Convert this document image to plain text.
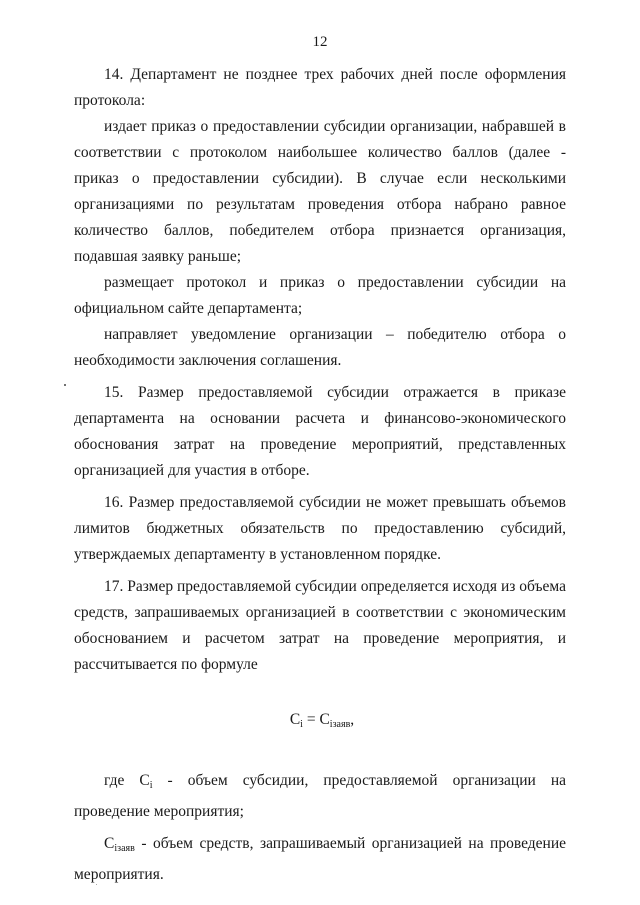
12

14. Департамент не позднее трех рабочих дней после оформления протокола:

издает приказ о предоставлении субсидии организации, набравшей в соответствии с протоколом наибольшее количество баллов (далее - приказ о предоставлении субсидии). В случае если несколькими организациями по результатам проведения отбора набрано равное количество баллов, победителем отбора признается организация, подавшая заявку раньше;

размещает протокол и приказ о предоставлении субсидии на официальном сайте департамента;

направляет уведомление организации – победителю отбора о необходимости заключения соглашения.

15. Размер предоставляемой субсидии отражается в приказе департамента на основании расчета и финансово-экономического обоснования затрат на проведение мероприятий, представленных организацией для участия в отборе.

16. Размер предоставляемой субсидии не может превышать объемов лимитов бюджетных обязательств по предоставлению субсидий, утверждаемых департаменту в установленном порядке.

17. Размер предоставляемой субсидии определяется исходя из объема средств, запрашиваемых организацией в соответствии с экономическим обоснованием и расчетом затрат на проведение мероприятия, и рассчитывается по формуле

$C_i = C_{iзаяв}$,

где $C_i$ - объем субсидии, предоставляемой организации на проведение мероприятия;

$C_{iзаяв}$ - объем средств, запрашиваемый организацией на проведение мероприятия.
